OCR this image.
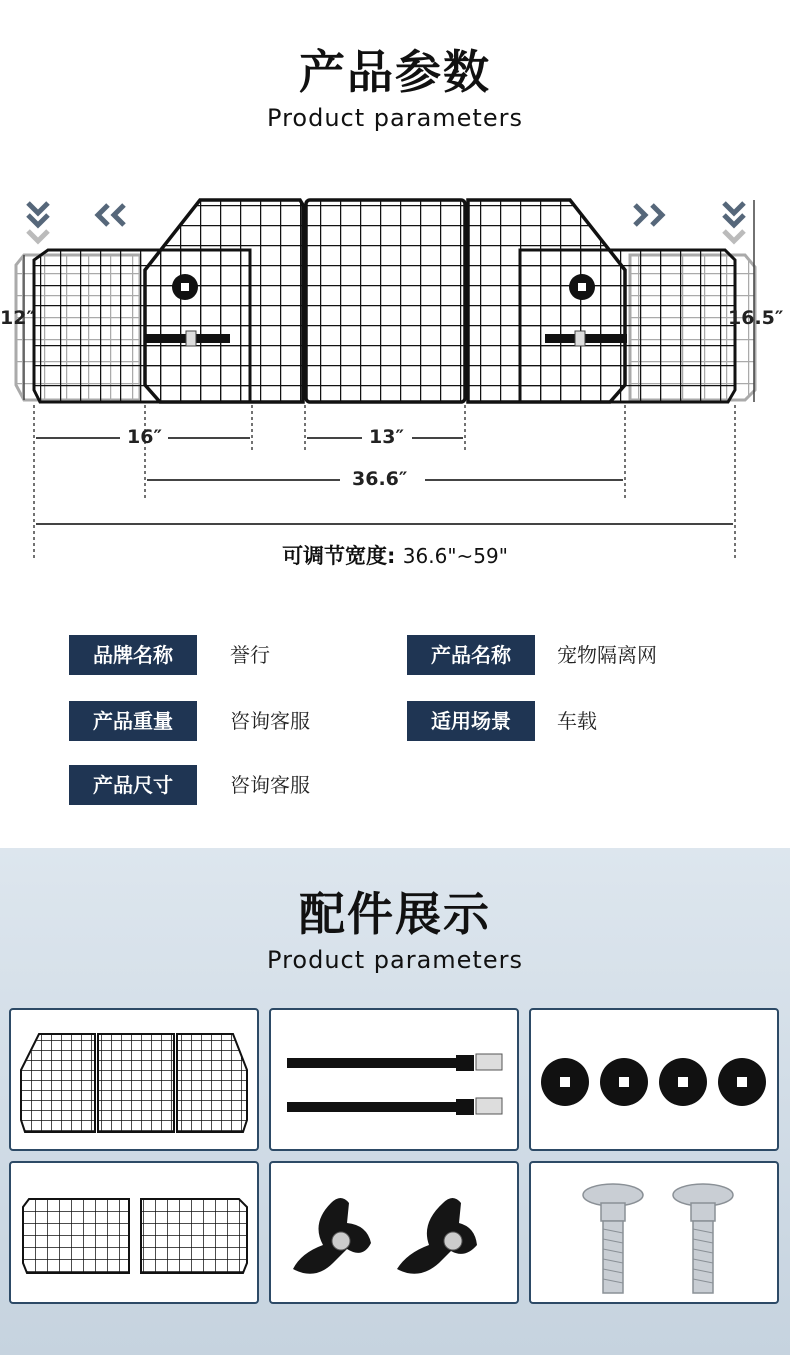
产品参数
Product parameters
12″	16.5″
16″	13″
36.6″
可调节宽度: 36.6"~59"
品牌名称	誉行	产品名称	宠物隔离网
产品重量	咨询客服	适用场景	车载
产品尺寸	咨询客服
配件展示
Product parameters
